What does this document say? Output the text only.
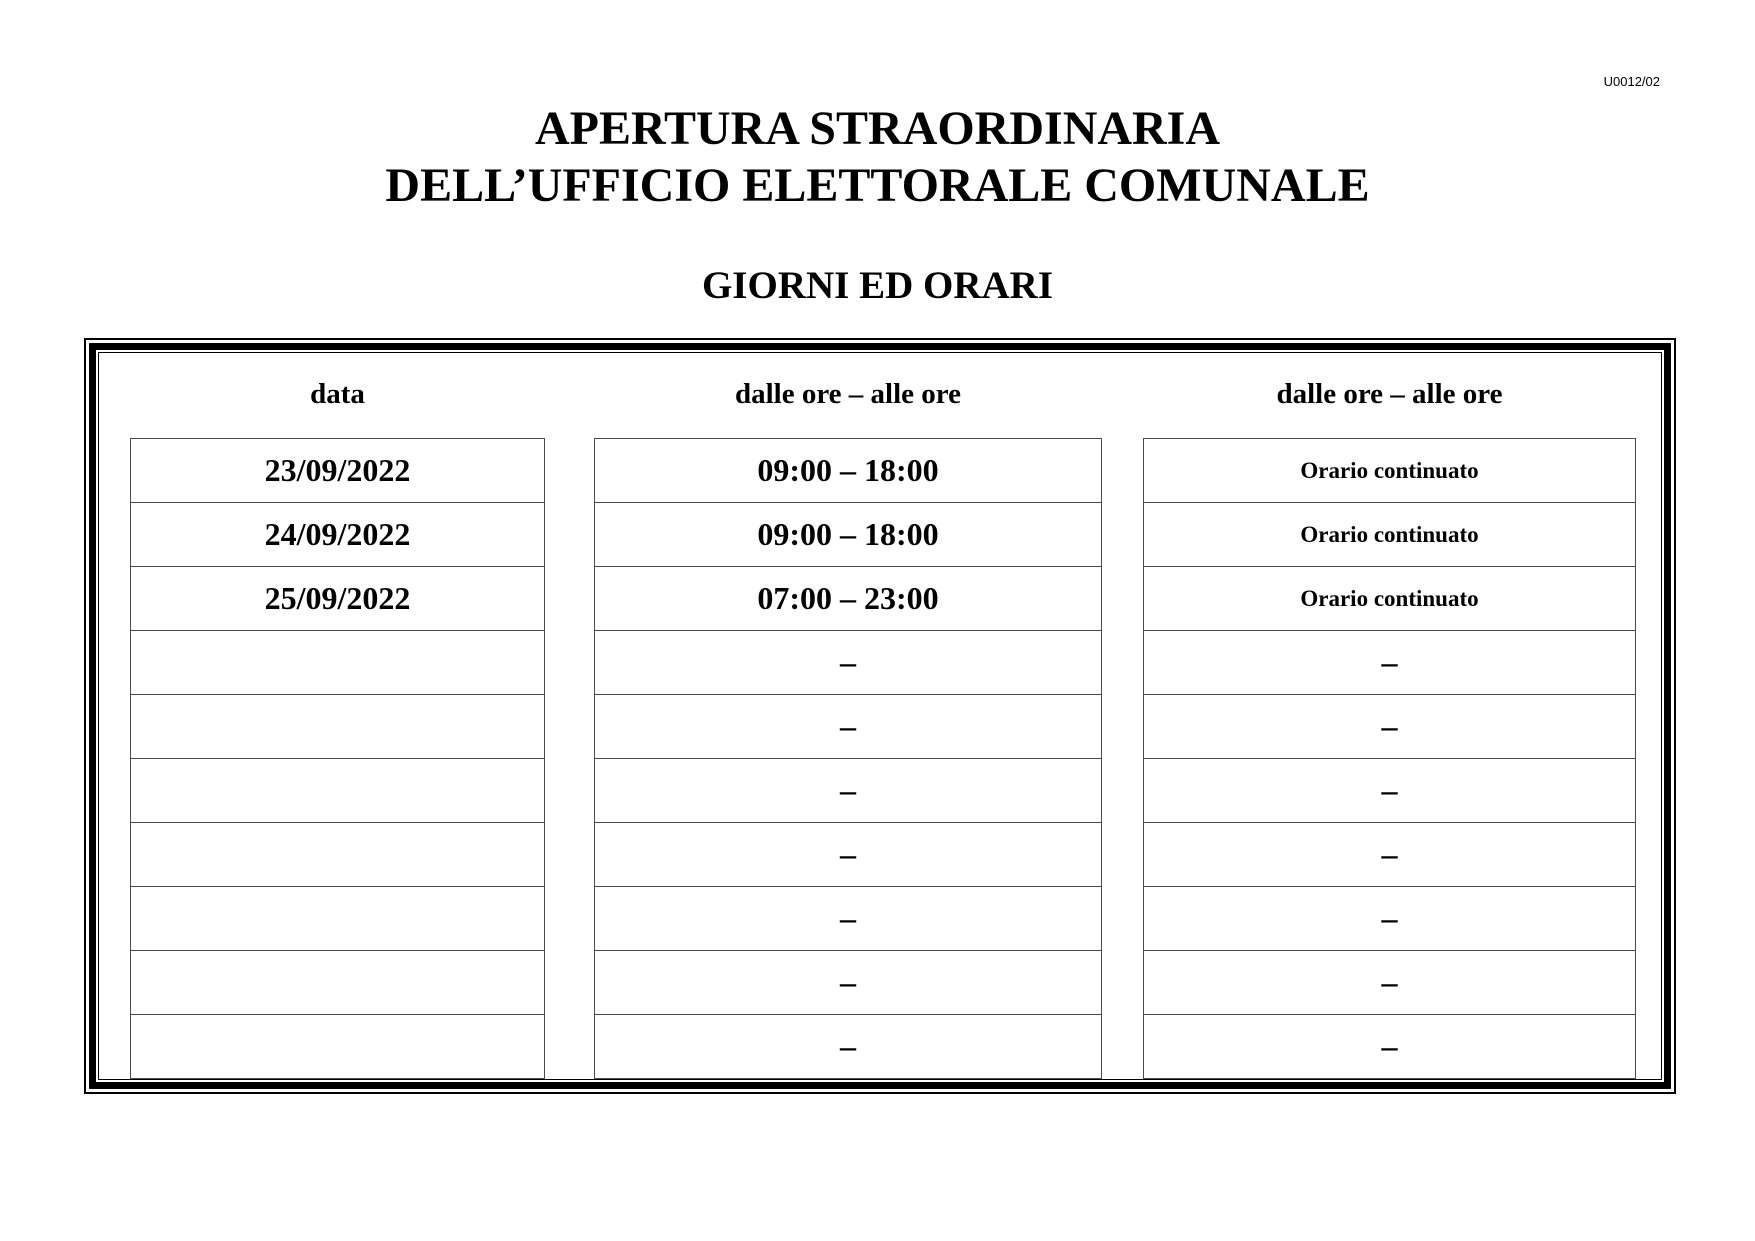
U0012/02
APERTURA STRAORDINARIA
DELL’UFFICIO ELETTORALE COMUNALE
GIORNI ED ORARI
data	dalle ore – alle ore	dalle ore – alle ore
23/09/2022
24/09/2022
25/09/2022
09:00 – 18:00
09:00 – 18:00
07:00 – 23:00
–
–
–
–
–
–
–
Orario continuato
Orario continuato
Orario continuato
–
–
–
–
–
–
–
